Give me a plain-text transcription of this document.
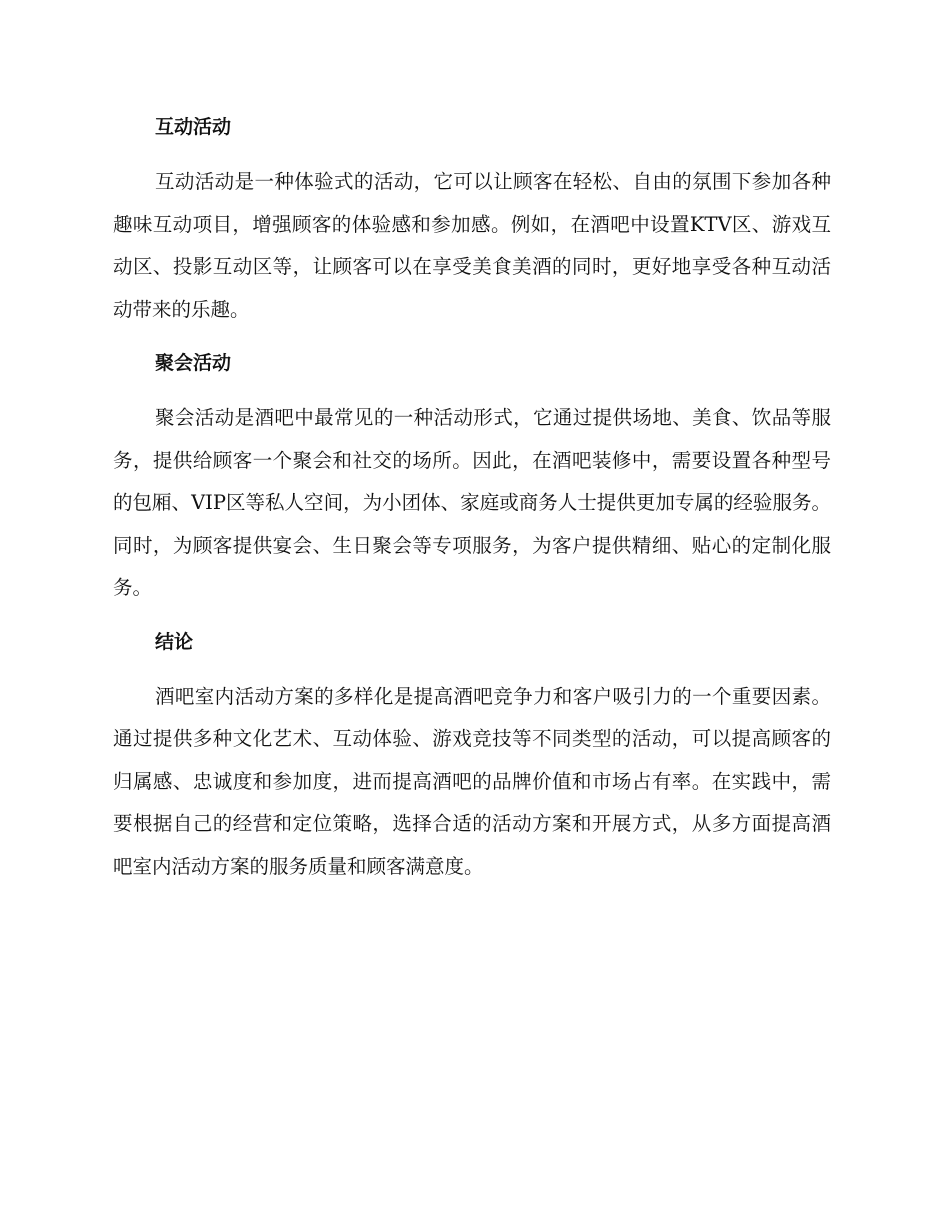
互动活动

互动活动是一种体验式的活动，它可以让顾客在轻松、自由的氛围下参加各种趣味互动项目，增强顾客的体验感和参加感。例如，在酒吧中设置KTV区、游戏互动区、投影互动区等，让顾客可以在享受美食美酒的同时，更好地享受各种互动活动带来的乐趣。

聚会活动

聚会活动是酒吧中最常见的一种活动形式，它通过提供场地、美食、饮品等服务，提供给顾客一个聚会和社交的场所。因此，在酒吧装修中，需要设置各种型号的包厢、VIP区等私人空间，为小团体、家庭或商务人士提供更加专属的经验服务。同时，为顾客提供宴会、生日聚会等专项服务，为客户提供精细、贴心的定制化服务。

结论

酒吧室内活动方案的多样化是提高酒吧竞争力和客户吸引力的一个重要因素。通过提供多种文化艺术、互动体验、游戏竞技等不同类型的活动，可以提高顾客的归属感、忠诚度和参加度，进而提高酒吧的品牌价值和市场占有率。在实践中，需要根据自己的经营和定位策略，选择合适的活动方案和开展方式，从多方面提高酒吧室内活动方案的服务质量和顾客满意度。
